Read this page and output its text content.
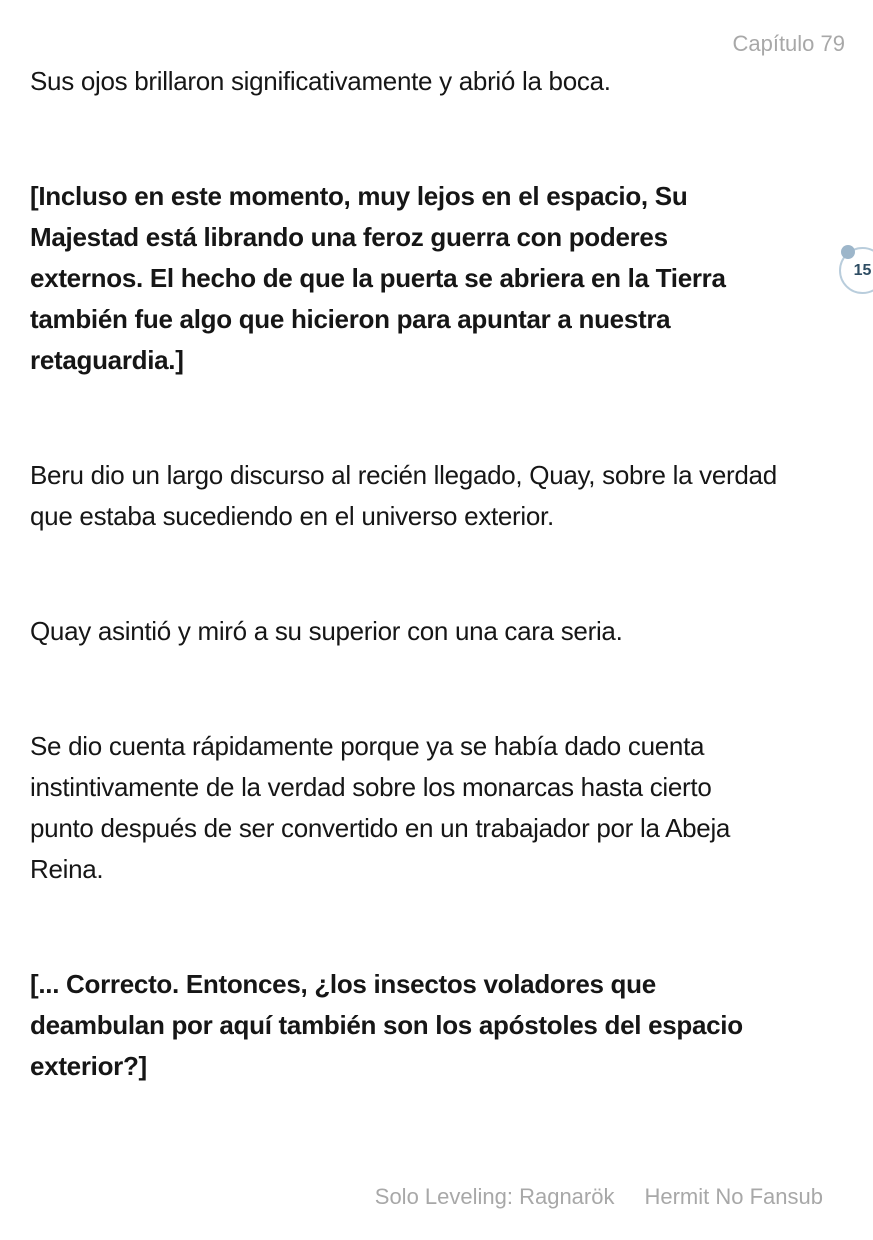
Capítulo 79

Sus ojos brillaron significativamente y abrió la boca.

[Incluso en este momento, muy lejos en el espacio, Su Majestad está librando una feroz guerra con poderes externos. El hecho de que la puerta se abriera en la Tierra también fue algo que hicieron para apuntar a nuestra retaguardia.]

Beru dio un largo discurso al recién llegado, Quay, sobre la verdad que estaba sucediendo en el universo exterior.

Quay asintió y miró a su superior con una cara seria.

Se dio cuenta rápidamente porque ya se había dado cuenta instintivamente de la verdad sobre los monarcas hasta cierto punto después de ser convertido en un trabajador por la Abeja Reina.

[... Correcto. Entonces, ¿los insectos voladores que deambulan por aquí también son los apóstoles del espacio exterior?]

15
Solo Leveling: Ragnarök Hermit No Fansub
